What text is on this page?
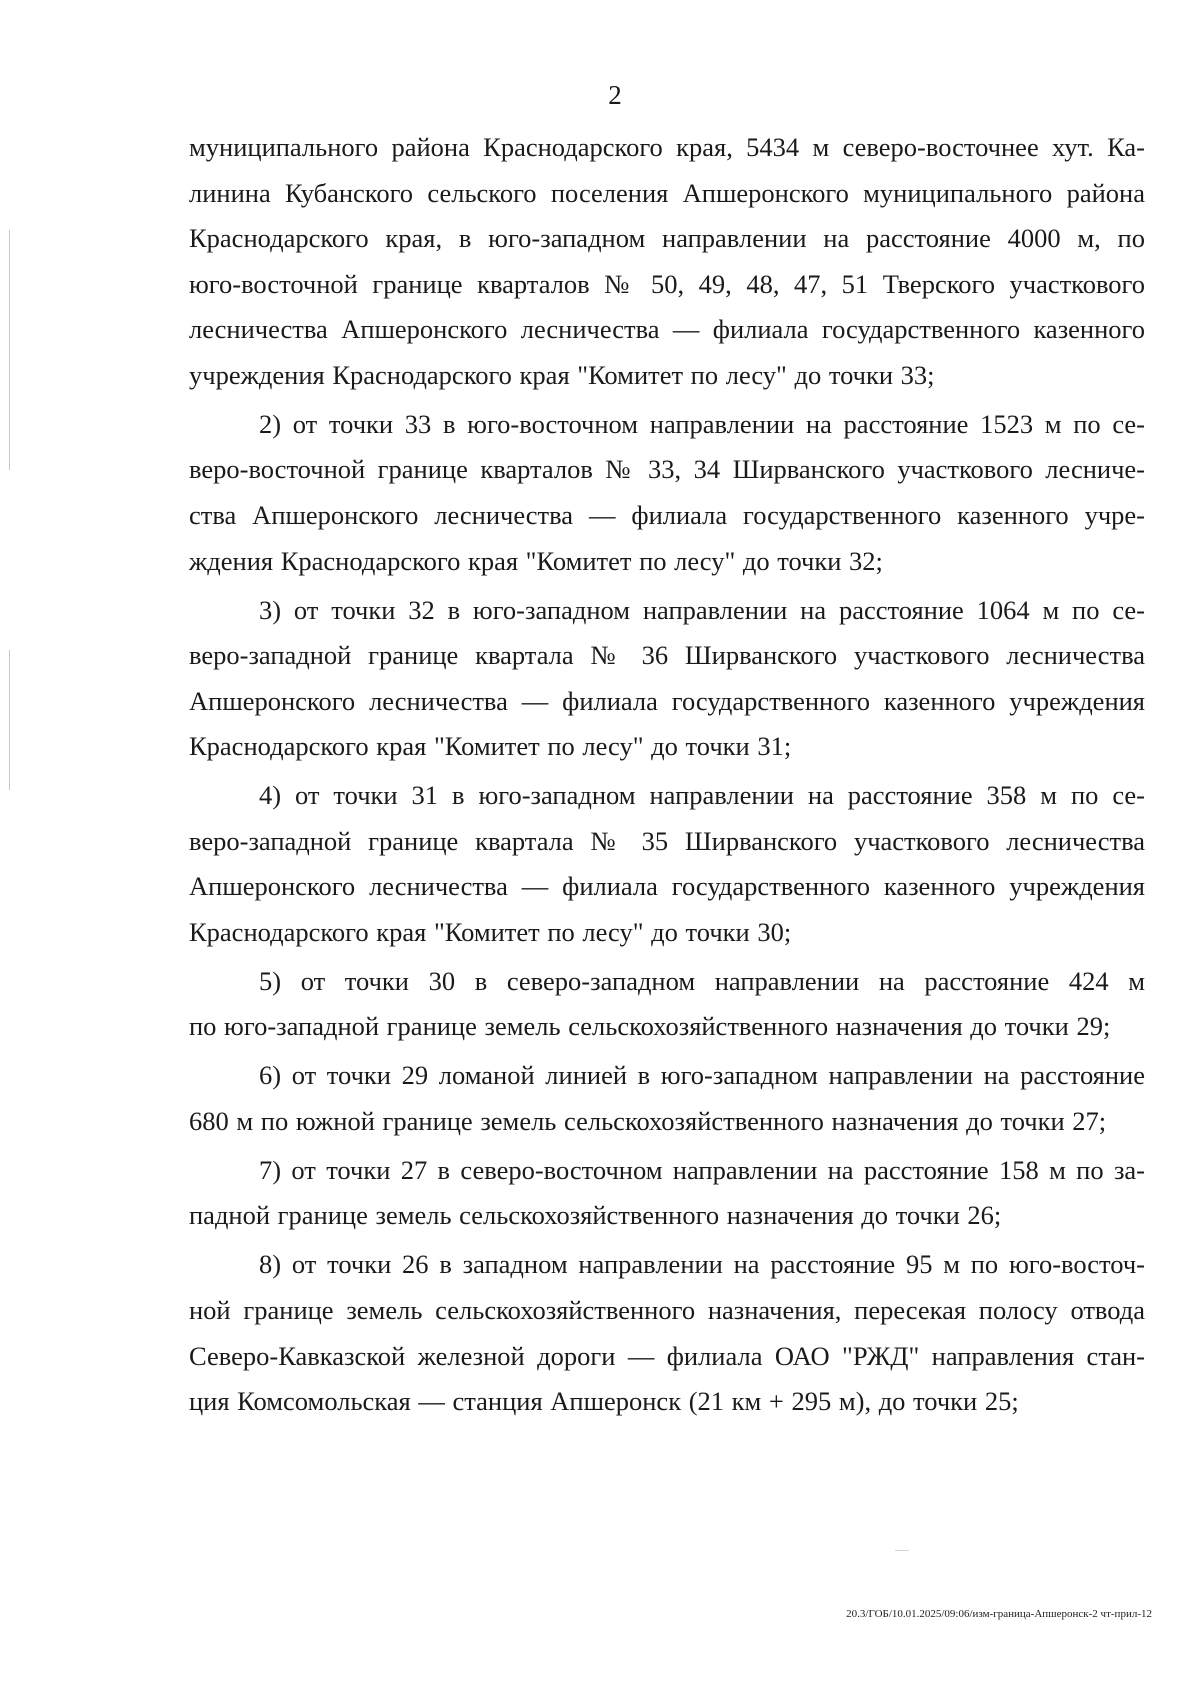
2
муниципального района Краснодарского края, 5434 м северо-восточнее хут. Ка-
линина Кубанского сельского поселения Апшеронского муниципального района
Краснодарского края, в юго-западном направлении на расстояние 4000 м, по
юго-восточной границе кварталов № 50, 49, 48, 47, 51 Тверского участкового
лесничества Апшеронского лесничества — филиала государственного казенного
учреждения Краснодарского края "Комитет по лесу" до точки 33;
2) от точки 33 в юго-восточном направлении на расстояние 1523 м по се-
веро-восточной границе кварталов № 33, 34 Ширванского участкового лесниче-
ства Апшеронского лесничества — филиала государственного казенного учре-
ждения Краснодарского края "Комитет по лесу" до точки 32;
3) от точки 32 в юго-западном направлении на расстояние 1064 м по се-
веро-западной границе квартала № 36 Ширванского участкового лесничества
Апшеронского лесничества — филиала государственного казенного учреждения
Краснодарского края "Комитет по лесу" до точки 31;
4) от точки 31 в юго-западном направлении на расстояние 358 м по се-
веро-западной границе квартала № 35 Ширванского участкового лесничества
Апшеронского лесничества — филиала государственного казенного учреждения
Краснодарского края "Комитет по лесу" до точки 30;
5) от точки 30 в северо-западном направлении на расстояние 424 м
по юго-западной границе земель сельскохозяйственного назначения до точки 29;
6) от точки 29 ломаной линией в юго-западном направлении на расстояние
680 м по южной границе земель сельскохозяйственного назначения до точки 27;
7) от точки 27 в северо-восточном направлении на расстояние 158 м по за-
падной границе земель сельскохозяйственного назначения до точки 26;
8) от точки 26 в западном направлении на расстояние 95 м по юго-восточ-
ной границе земель сельскохозяйственного назначения, пересекая полосу отвода
Северо-Кавказской железной дороги — филиала ОАО "РЖД" направления стан-
ция Комсомольская — станция Апшеронск (21 км + 295 м), до точки 25;
20.3/ГОБ/10.01.2025/09:06/изм-граница-Апшеронск-2 чт-прил-12
